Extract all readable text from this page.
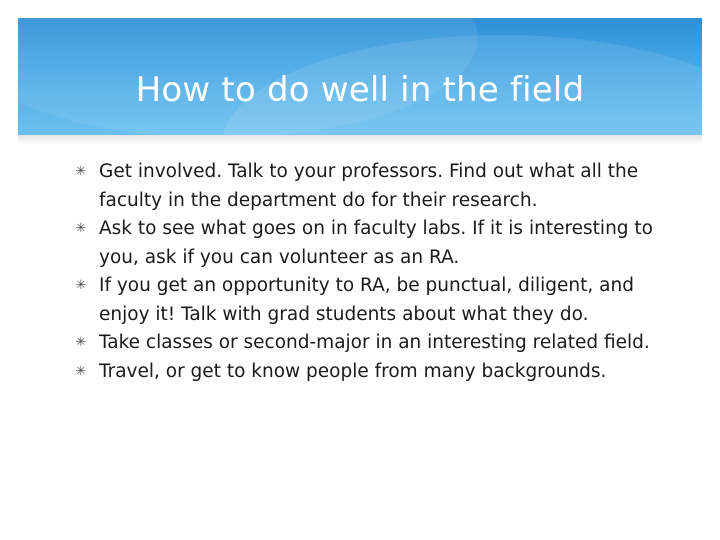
How to do well in the field
✳ Get involved. Talk to your professors. Find out what all the faculty in the department do for their research.
✳ Ask to see what goes on in faculty labs. If it is interesting to you, ask if you can volunteer as an RA.
✳ If you get an opportunity to RA, be punctual, diligent, and enjoy it! Talk with grad students about what they do.
✳ Take classes or second-major in an interesting related field.
✳ Travel, or get to know people from many backgrounds.
